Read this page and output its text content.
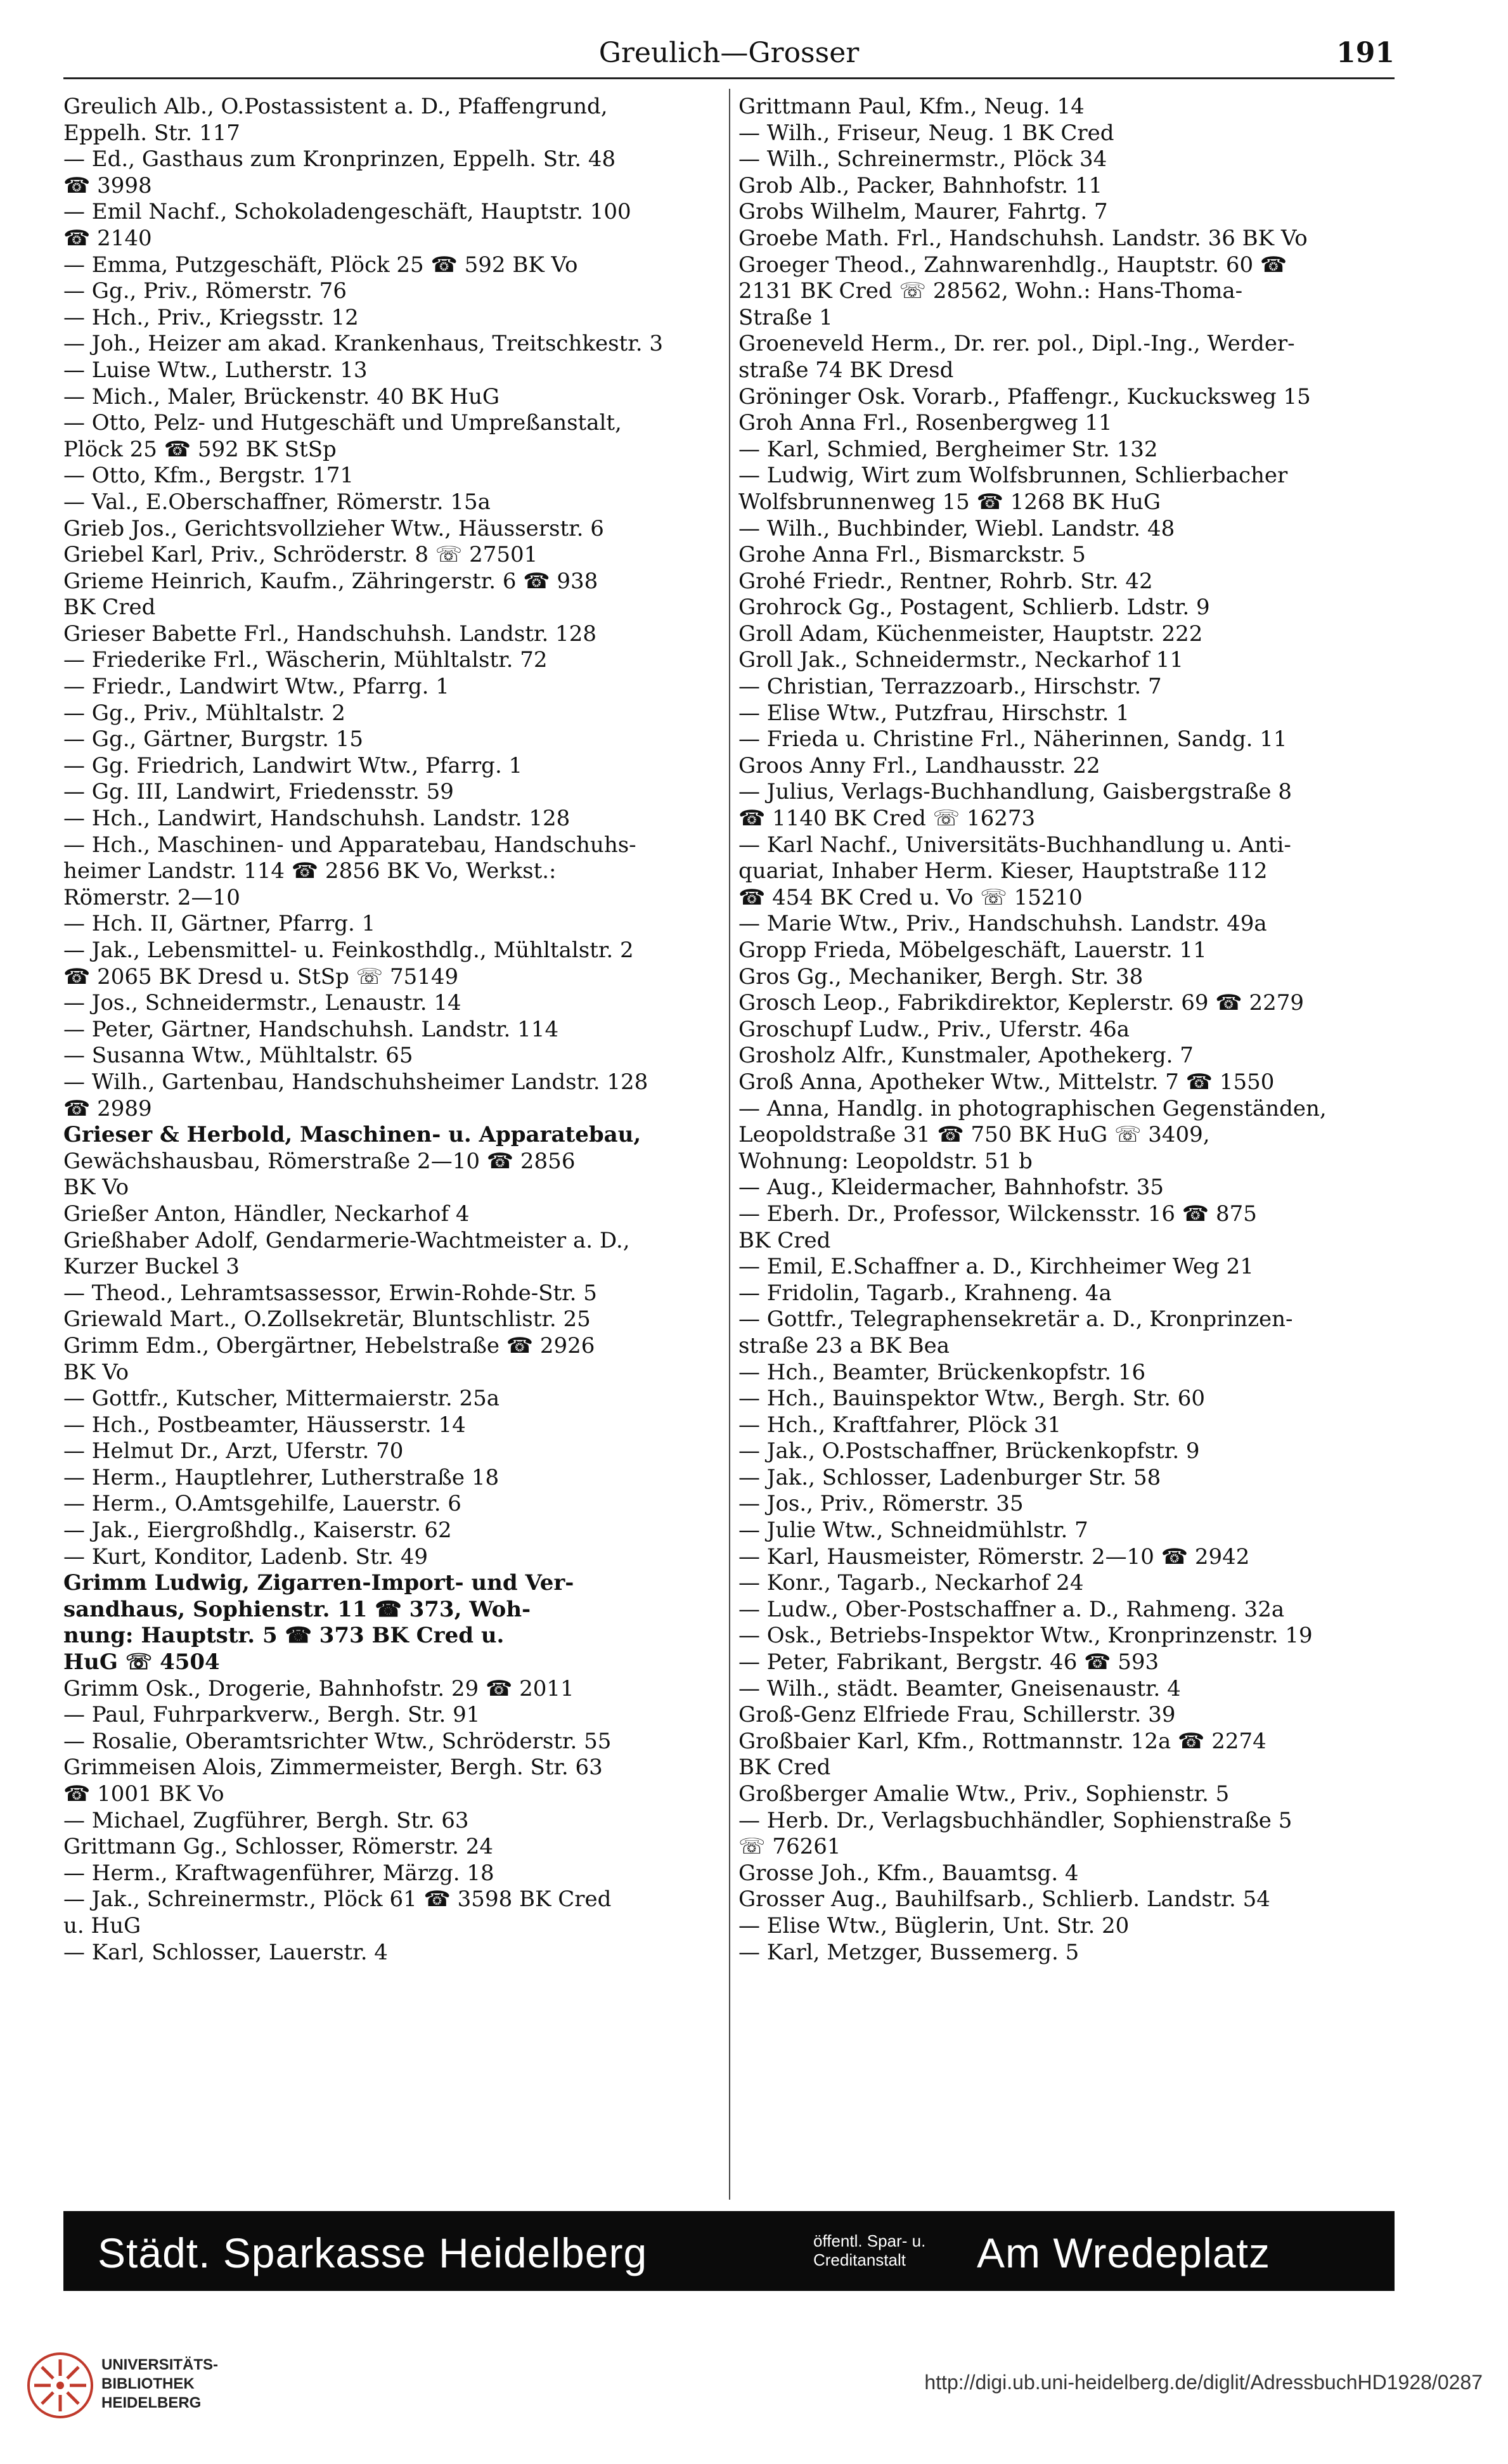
Greulich—Grosser	191
Greulich Alb., O.Postassistent a. D., Pfaffengrund,
Eppelh. Str. 117
— Ed., Gasthaus zum Kronprinzen, Eppelh. Str. 48
☎ 3998
— Emil Nachf., Schokoladengeschäft, Hauptstr. 100
☎ 2140
— Emma, Putzgeschäft, Plöck 25 ☎ 592 BK Vo
— Gg., Priv., Römerstr. 76
— Hch., Priv., Kriegsstr. 12
— Joh., Heizer am akad. Krankenhaus, Treitschkestr. 3
— Luise Wtw., Lutherstr. 13
— Mich., Maler, Brückenstr. 40 BK HuG
— Otto, Pelz- und Hutgeschäft und Umpreßanstalt,
Plöck 25 ☎ 592 BK StSp
— Otto, Kfm., Bergstr. 171
— Val., E.Oberschaffner, Römerstr. 15a
Grieb Jos., Gerichtsvollzieher Wtw., Häusserstr. 6
Griebel Karl, Priv., Schröderstr. 8 ☏ 27501
Grieme Heinrich, Kaufm., Zähringerstr. 6 ☎ 938
BK Cred
Grieser Babette Frl., Handschuhsh. Landstr. 128
— Friederike Frl., Wäscherin, Mühltalstr. 72
— Friedr., Landwirt Wtw., Pfarrg. 1
— Gg., Priv., Mühltalstr. 2
— Gg., Gärtner, Burgstr. 15
— Gg. Friedrich, Landwirt Wtw., Pfarrg. 1
— Gg. III, Landwirt, Friedensstr. 59
— Hch., Landwirt, Handschuhsh. Landstr. 128
— Hch., Maschinen- und Apparatebau, Handschuhs-
heimer Landstr. 114 ☎ 2856 BK Vo, Werkst.:
Römerstr. 2—10
— Hch. II, Gärtner, Pfarrg. 1
— Jak., Lebensmittel- u. Feinkosthdlg., Mühltalstr. 2
☎ 2065 BK Dresd u. StSp ☏ 75149
— Jos., Schneidermstr., Lenaustr. 14
— Peter, Gärtner, Handschuhsh. Landstr. 114
— Susanna Wtw., Mühltalstr. 65
— Wilh., Gartenbau, Handschuhsheimer Landstr. 128
☎ 2989
Grieser & Herbold, Maschinen- u. Apparatebau,
Gewächshausbau, Römerstraße 2—10 ☎ 2856
BK Vo
Grießer Anton, Händler, Neckarhof 4
Grießhaber Adolf, Gendarmerie-Wachtmeister a. D.,
Kurzer Buckel 3
— Theod., Lehramtsassessor, Erwin-Rohde-Str. 5
Griewald Mart., O.Zollsekretär, Bluntschlistr. 25
Grimm Edm., Obergärtner, Hebelstraße ☎ 2926
BK Vo
— Gottfr., Kutscher, Mittermaierstr. 25a
— Hch., Postbeamter, Häusserstr. 14
— Helmut Dr., Arzt, Uferstr. 70
— Herm., Hauptlehrer, Lutherstraße 18
— Herm., O.Amtsgehilfe, Lauerstr. 6
— Jak., Eiergroßhdlg., Kaiserstr. 62
— Kurt, Konditor, Ladenb. Str. 49
Grimm Ludwig, Zigarren-Import- und Ver-
sandhaus, Sophienstr. 11 ☎ 373, Woh-
nung: Hauptstr. 5 ☎ 373 BK Cred u.
HuG ☏ 4504
Grimm Osk., Drogerie, Bahnhofstr. 29 ☎ 2011
— Paul, Fuhrparkverw., Bergh. Str. 91
— Rosalie, Oberamtsrichter Wtw., Schröderstr. 55
Grimmeisen Alois, Zimmermeister, Bergh. Str. 63
☎ 1001 BK Vo
— Michael, Zugführer, Bergh. Str. 63
Grittmann Gg., Schlosser, Römerstr. 24
— Herm., Kraftwagenführer, Märzg. 18
— Jak., Schreinermstr., Plöck 61 ☎ 3598 BK Cred
u. HuG
— Karl, Schlosser, Lauerstr. 4
Grittmann Paul, Kfm., Neug. 14
— Wilh., Friseur, Neug. 1 BK Cred
— Wilh., Schreinermstr., Plöck 34
Grob Alb., Packer, Bahnhofstr. 11
Grobs Wilhelm, Maurer, Fahrtg. 7
Groebe Math. Frl., Handschuhsh. Landstr. 36 BK Vo
Groeger Theod., Zahnwarenhdlg., Hauptstr. 60 ☎
2131 BK Cred ☏ 28562, Wohn.: Hans-Thoma-
Straße 1
Groeneveld Herm., Dr. rer. pol., Dipl.-Ing., Werder-
straße 74 BK Dresd
Gröninger Osk. Vorarb., Pfaffengr., Kuckucksweg 15
Groh Anna Frl., Rosenbergweg 11
— Karl, Schmied, Bergheimer Str. 132
— Ludwig, Wirt zum Wolfsbrunnen, Schlierbacher
Wolfsbrunnenweg 15 ☎ 1268 BK HuG
— Wilh., Buchbinder, Wiebl. Landstr. 48
Grohe Anna Frl., Bismarckstr. 5
Grohé Friedr., Rentner, Rohrb. Str. 42
Grohrock Gg., Postagent, Schlierb. Ldstr. 9
Groll Adam, Küchenmeister, Hauptstr. 222
Groll Jak., Schneidermstr., Neckarhof 11
— Christian, Terrazzoarb., Hirschstr. 7
— Elise Wtw., Putzfrau, Hirschstr. 1
— Frieda u. Christine Frl., Näherinnen, Sandg. 11
Groos Anny Frl., Landhausstr. 22
— Julius, Verlags-Buchhandlung, Gaisbergstraße 8
☎ 1140 BK Cred ☏ 16273
— Karl Nachf., Universitäts-Buchhandlung u. Anti-
quariat, Inhaber Herm. Kieser, Hauptstraße 112
☎ 454 BK Cred u. Vo ☏ 15210
— Marie Wtw., Priv., Handschuhsh. Landstr. 49a
Gropp Frieda, Möbelgeschäft, Lauerstr. 11
Gros Gg., Mechaniker, Bergh. Str. 38
Grosch Leop., Fabrikdirektor, Keplerstr. 69 ☎ 2279
Groschupf Ludw., Priv., Uferstr. 46a
Grosholz Alfr., Kunstmaler, Apothekerg. 7
Groß Anna, Apotheker Wtw., Mittelstr. 7 ☎ 1550
— Anna, Handlg. in photographischen Gegenständen,
Leopoldstraße 31 ☎ 750 BK HuG ☏ 3409,
Wohnung: Leopoldstr. 51 b
— Aug., Kleidermacher, Bahnhofstr. 35
— Eberh. Dr., Professor, Wilckensstr. 16 ☎ 875
BK Cred
— Emil, E.Schaffner a. D., Kirchheimer Weg 21
— Fridolin, Tagarb., Krahneng. 4a
— Gottfr., Telegraphensekretär a. D., Kronprinzen-
straße 23 a BK Bea
— Hch., Beamter, Brückenkopfstr. 16
— Hch., Bauinspektor Wtw., Bergh. Str. 60
— Hch., Kraftfahrer, Plöck 31
— Jak., O.Postschaffner, Brückenkopfstr. 9
— Jak., Schlosser, Ladenburger Str. 58
— Jos., Priv., Römerstr. 35
— Julie Wtw., Schneidmühlstr. 7
— Karl, Hausmeister, Römerstr. 2—10 ☎ 2942
— Konr., Tagarb., Neckarhof 24
— Ludw., Ober-Postschaffner a. D., Rahmeng. 32a
— Osk., Betriebs-Inspektor Wtw., Kronprinzenstr. 19
— Peter, Fabrikant, Bergstr. 46 ☎ 593
— Wilh., städt. Beamter, Gneisenaustr. 4
Groß-Genz Elfriede Frau, Schillerstr. 39
Großbaier Karl, Kfm., Rottmannstr. 12a ☎ 2274
BK Cred
Großberger Amalie Wtw., Priv., Sophienstr. 5
— Herb. Dr., Verlagsbuchhändler, Sophienstraße 5
☏ 76261
Grosse Joh., Kfm., Bauamtsg. 4
Grosser Aug., Bauhilfsarb., Schlierb. Landstr. 54
— Elise Wtw., Büglerin, Unt. Str. 20
— Karl, Metzger, Bussemerg. 5
Städt. Sparkasse Heidelberg	öffentl. Spar- u.
Creditanstalt	Am Wredeplatz
UNIVERSITÄTS-
BIBLIOTHEK
HEIDELBERG
http://digi.ub.uni-heidelberg.de/diglit/AdressbuchHD1928/0287
